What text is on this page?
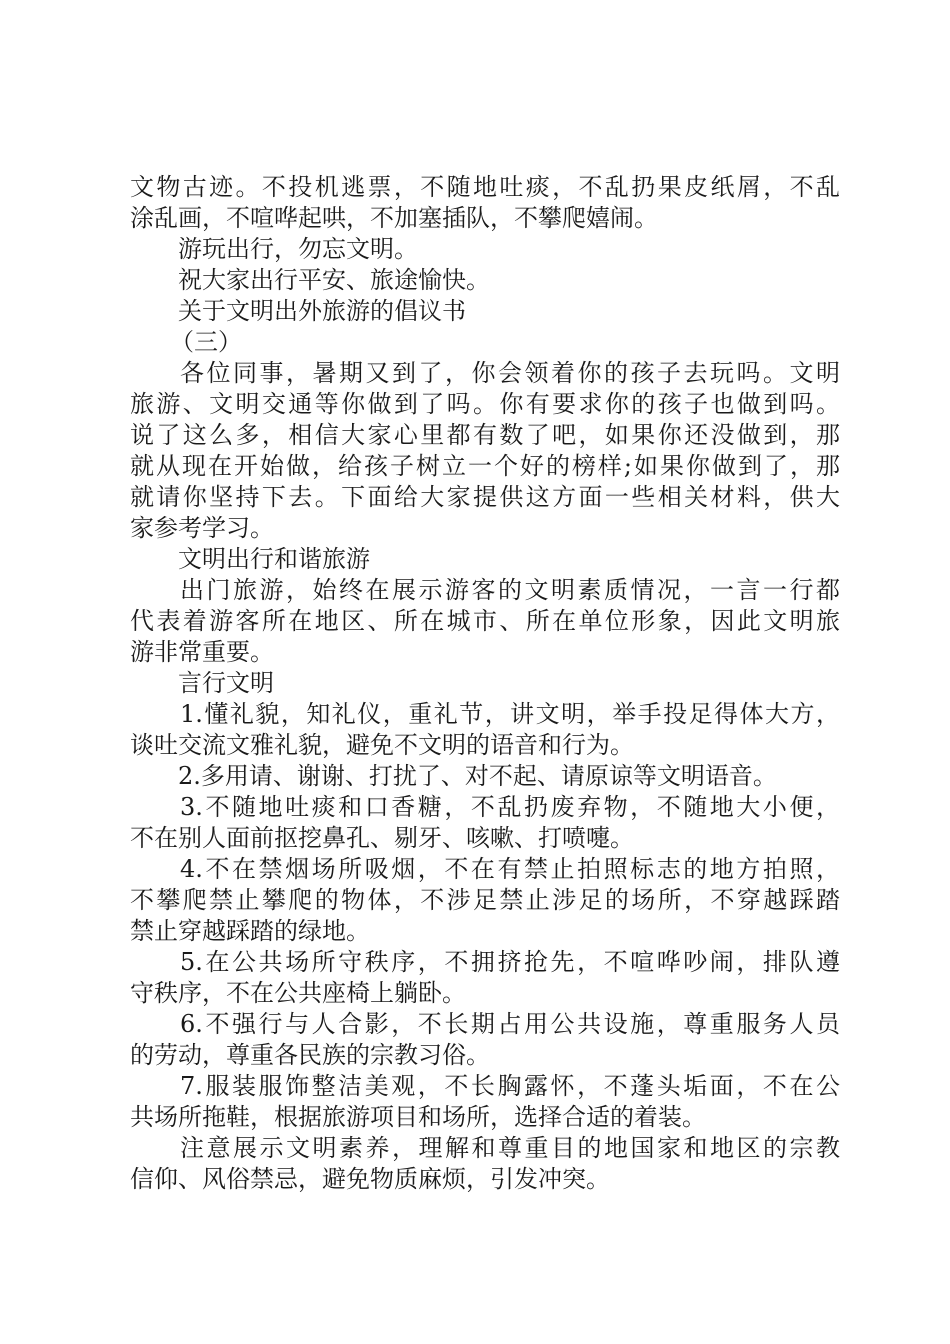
文物古迹。不投机逃票，不随地吐痰，不乱扔果皮纸屑，不乱
涂乱画，不喧哗起哄，不加塞插队，不攀爬嬉闹。
游玩出行，勿忘文明。
祝大家出行平安、旅途愉快。
关于文明出外旅游的倡议书
（三）
各位同事，暑期又到了，你会领着你的孩子去玩吗。文明
旅游、文明交通等你做到了吗。你有要求你的孩子也做到吗。
说了这么多，相信大家心里都有数了吧，如果你还没做到，那
就从现在开始做，给孩子树立一个好的榜样;如果你做到了，那
就请你坚持下去。下面给大家提供这方面一些相关材料，供大
家参考学习。
文明出行和谐旅游
出门旅游，始终在展示游客的文明素质情况，一言一行都
代表着游客所在地区、所在城市、所在单位形象，因此文明旅
游非常重要。
言行文明
1.懂礼貌，知礼仪，重礼节，讲文明，举手投足得体大方，
谈吐交流文雅礼貌，避免不文明的语音和行为。
2.多用请、谢谢、打扰了、对不起、请原谅等文明语音。
3.不随地吐痰和口香糖，不乱扔废弃物，不随地大小便，
不在别人面前抠挖鼻孔、剔牙、咳嗽、打喷嚏。
4.不在禁烟场所吸烟，不在有禁止拍照标志的地方拍照，
不攀爬禁止攀爬的物体，不涉足禁止涉足的场所，不穿越踩踏
禁止穿越踩踏的绿地。
5.在公共场所守秩序，不拥挤抢先，不喧哗吵闹，排队遵
守秩序，不在公共座椅上躺卧。
6.不强行与人合影，不长期占用公共设施，尊重服务人员
的劳动，尊重各民族的宗教习俗。
7.服装服饰整洁美观，不长胸露怀，不蓬头垢面，不在公
共场所拖鞋，根据旅游项目和场所，选择合适的着装。
注意展示文明素养，理解和尊重目的地国家和地区的宗教
信仰、风俗禁忌，避免物质麻烦，引发冲突。
